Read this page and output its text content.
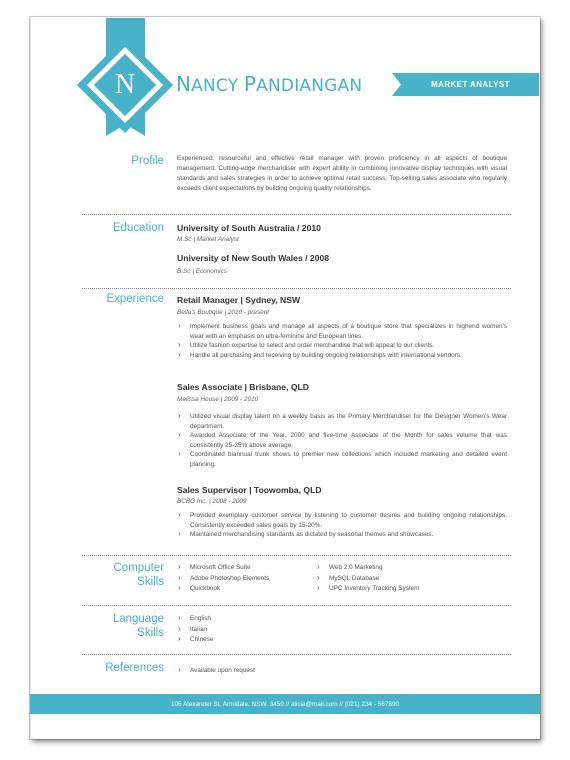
N	NANCY PANDIANGAN	MARKET ANALYST
Profile Experienced, resourceful and effective retail manager with proven proficiency in all aspects of boutique management. Cutting-edge merchandiser with expert ability in combining innovative display techniques with visual standards and sales strategies in order to achieve optimal retail success. Top-selling sales associate who regularly exceeds client expectations by building ongoing quality relationships.

Education University of South Australia / 2010
M.Sc | Market Analyst
University of New South Wales / 2008
B.Sc | Economics
Experience Retail Manager | Sydney, NSW
Bella's Boutique | 2010 - present
› Implement business goals and manage all aspects of a boutique store that specializes in highend women's wear with an emphasis on ultra-feminine and European lines.
› Utilize fashion expertise to select and order merchandise that will appeal to our clients.
› Handle all purchasing and receiving by building ongoing relationships with international vendors.
Sales Associate | Brisbane, QLD
Melissa House | 2009 - 2010
› Utilized visual display talent on a weekly basis as the Primary Merchandiser for the Designer Women's Wear department.
› Awarded Associate of the Year, 2000 and five-time Associate of the Month for sales volume that was consistently 25-35% above average.
› Coordinated biannual trunk shows to premier new collections which included marketing and detailed event planning.
Sales Supervisor | Toowomba, QLD
BCBG Inc. | 2008 - 2009
› Provided exemplary customer service by listening to customer desires and building ongoing relationships. Consistently exceeded sales goals by 15-20%.
› Maintained merchandising standards as dictated by seasonal themes and showcases.
Computer
Skills
› Microsoft Office Suite
› Adobe Photoshop Elements
› Quickbook
› Web 2.0 Marketing
› MySQL Database
› UPC Inventory Tracking System
Language
Skills
› English
› Italian
› Chinese
References
›	Available upon request
105 Alexander St. Armidale, NSW. 3450 // alicia@mail.com // (021) 234 - 567890
